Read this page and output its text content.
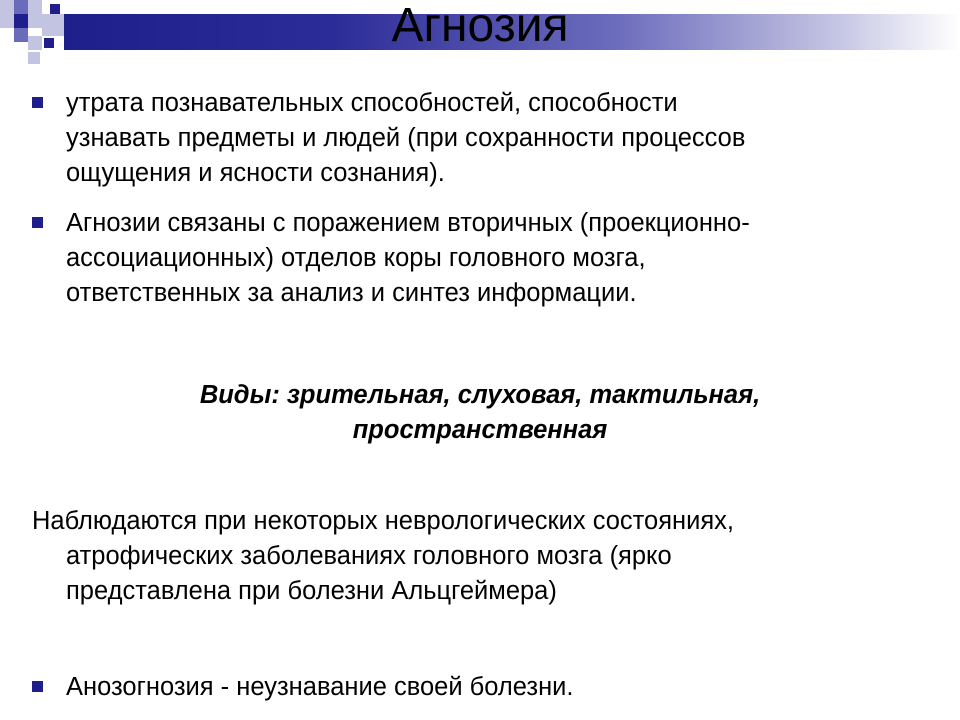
Агнозия
утрата познавательных способностей, способности
узнавать предметы и людей (при сохранности процессов
ощущения и ясности сознания).
Агнозии связаны с поражением вторичных (проекционно-
ассоциационных) отделов коры головного мозга,
ответственных за анализ и синтез информации.
Виды: зрительная, слуховая, тактильная,
пространственная
Наблюдаются при некоторых неврологических состояниях,
атрофических заболеваниях головного мозга (ярко
представлена при болезни Альцгеймера)
Анозогнозия - неузнавание своей болезни.
